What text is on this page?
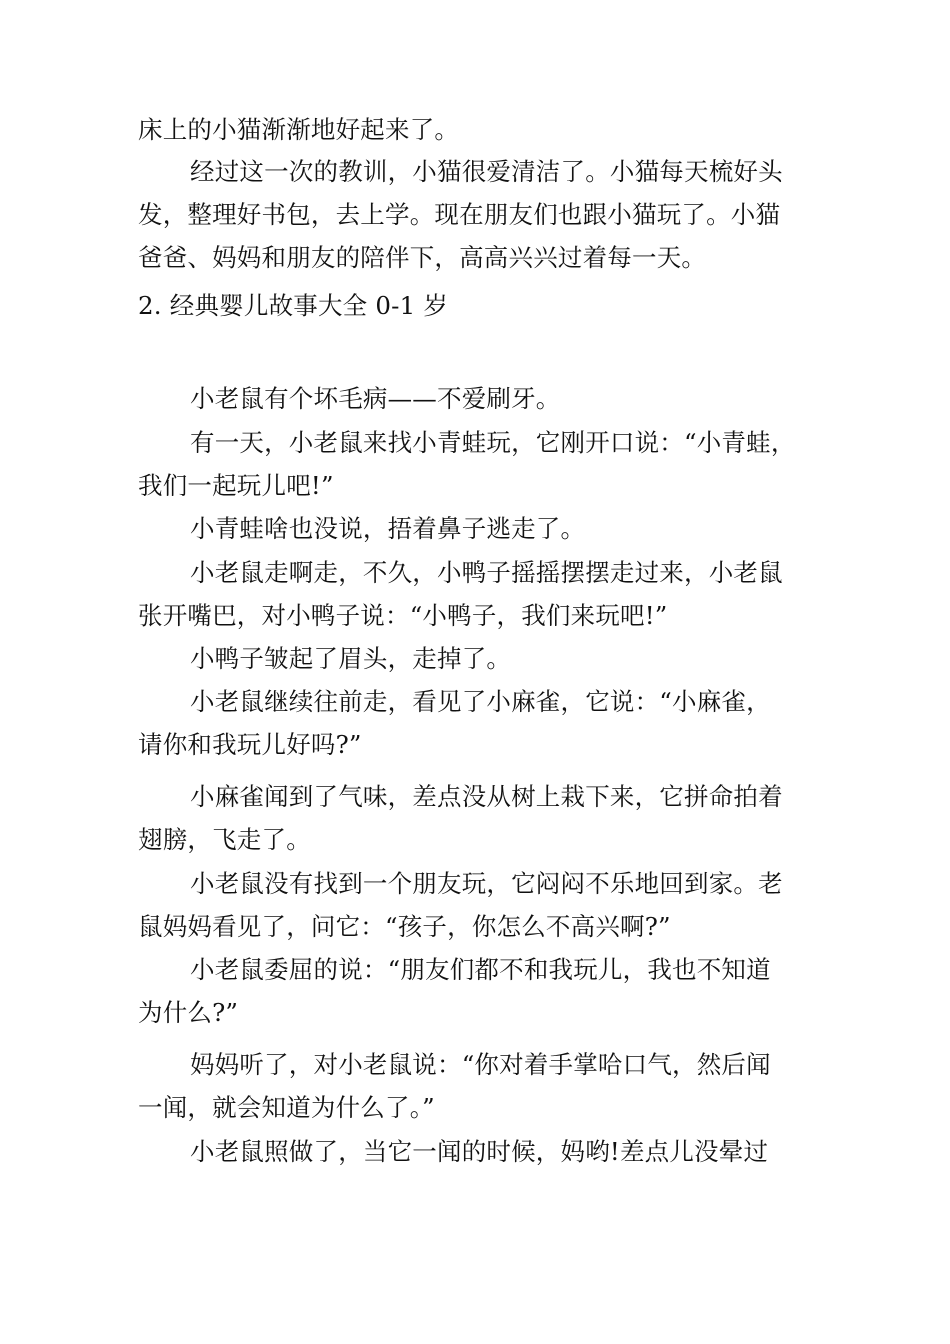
床上的小猫渐渐地好起来了。
经过这一次的教训，小猫很爱清洁了。小猫每天梳好头
发，整理好书包，去上学。现在朋友们也跟小猫玩了。小猫
爸爸、妈妈和朋友的陪伴下，高高兴兴过着每一天。
2. 经典婴儿故事大全 0-1 岁
小老鼠有个坏毛病——不爱刷牙。
有一天，小老鼠来找小青蛙玩，它刚开口说：“小青蛙，
我们一起玩儿吧!”
小青蛙啥也没说，捂着鼻子逃走了。
小老鼠走啊走，不久，小鸭子摇摇摆摆走过来，小老鼠
张开嘴巴，对小鸭子说：“小鸭子，我们来玩吧!”
小鸭子皱起了眉头，走掉了。
小老鼠继续往前走，看见了小麻雀，它说：“小麻雀，
请你和我玩儿好吗?”
小麻雀闻到了气味，差点没从树上栽下来，它拼命拍着
翅膀，飞走了。
小老鼠没有找到一个朋友玩，它闷闷不乐地回到家。老
鼠妈妈看见了，问它：“孩子，你怎么不高兴啊?”
小老鼠委屈的说：“朋友们都不和我玩儿，我也不知道
为什么?”
妈妈听了，对小老鼠说：“你对着手掌哈口气，然后闻
一闻，就会知道为什么了。”
小老鼠照做了，当它一闻的时候，妈哟!差点儿没晕过
